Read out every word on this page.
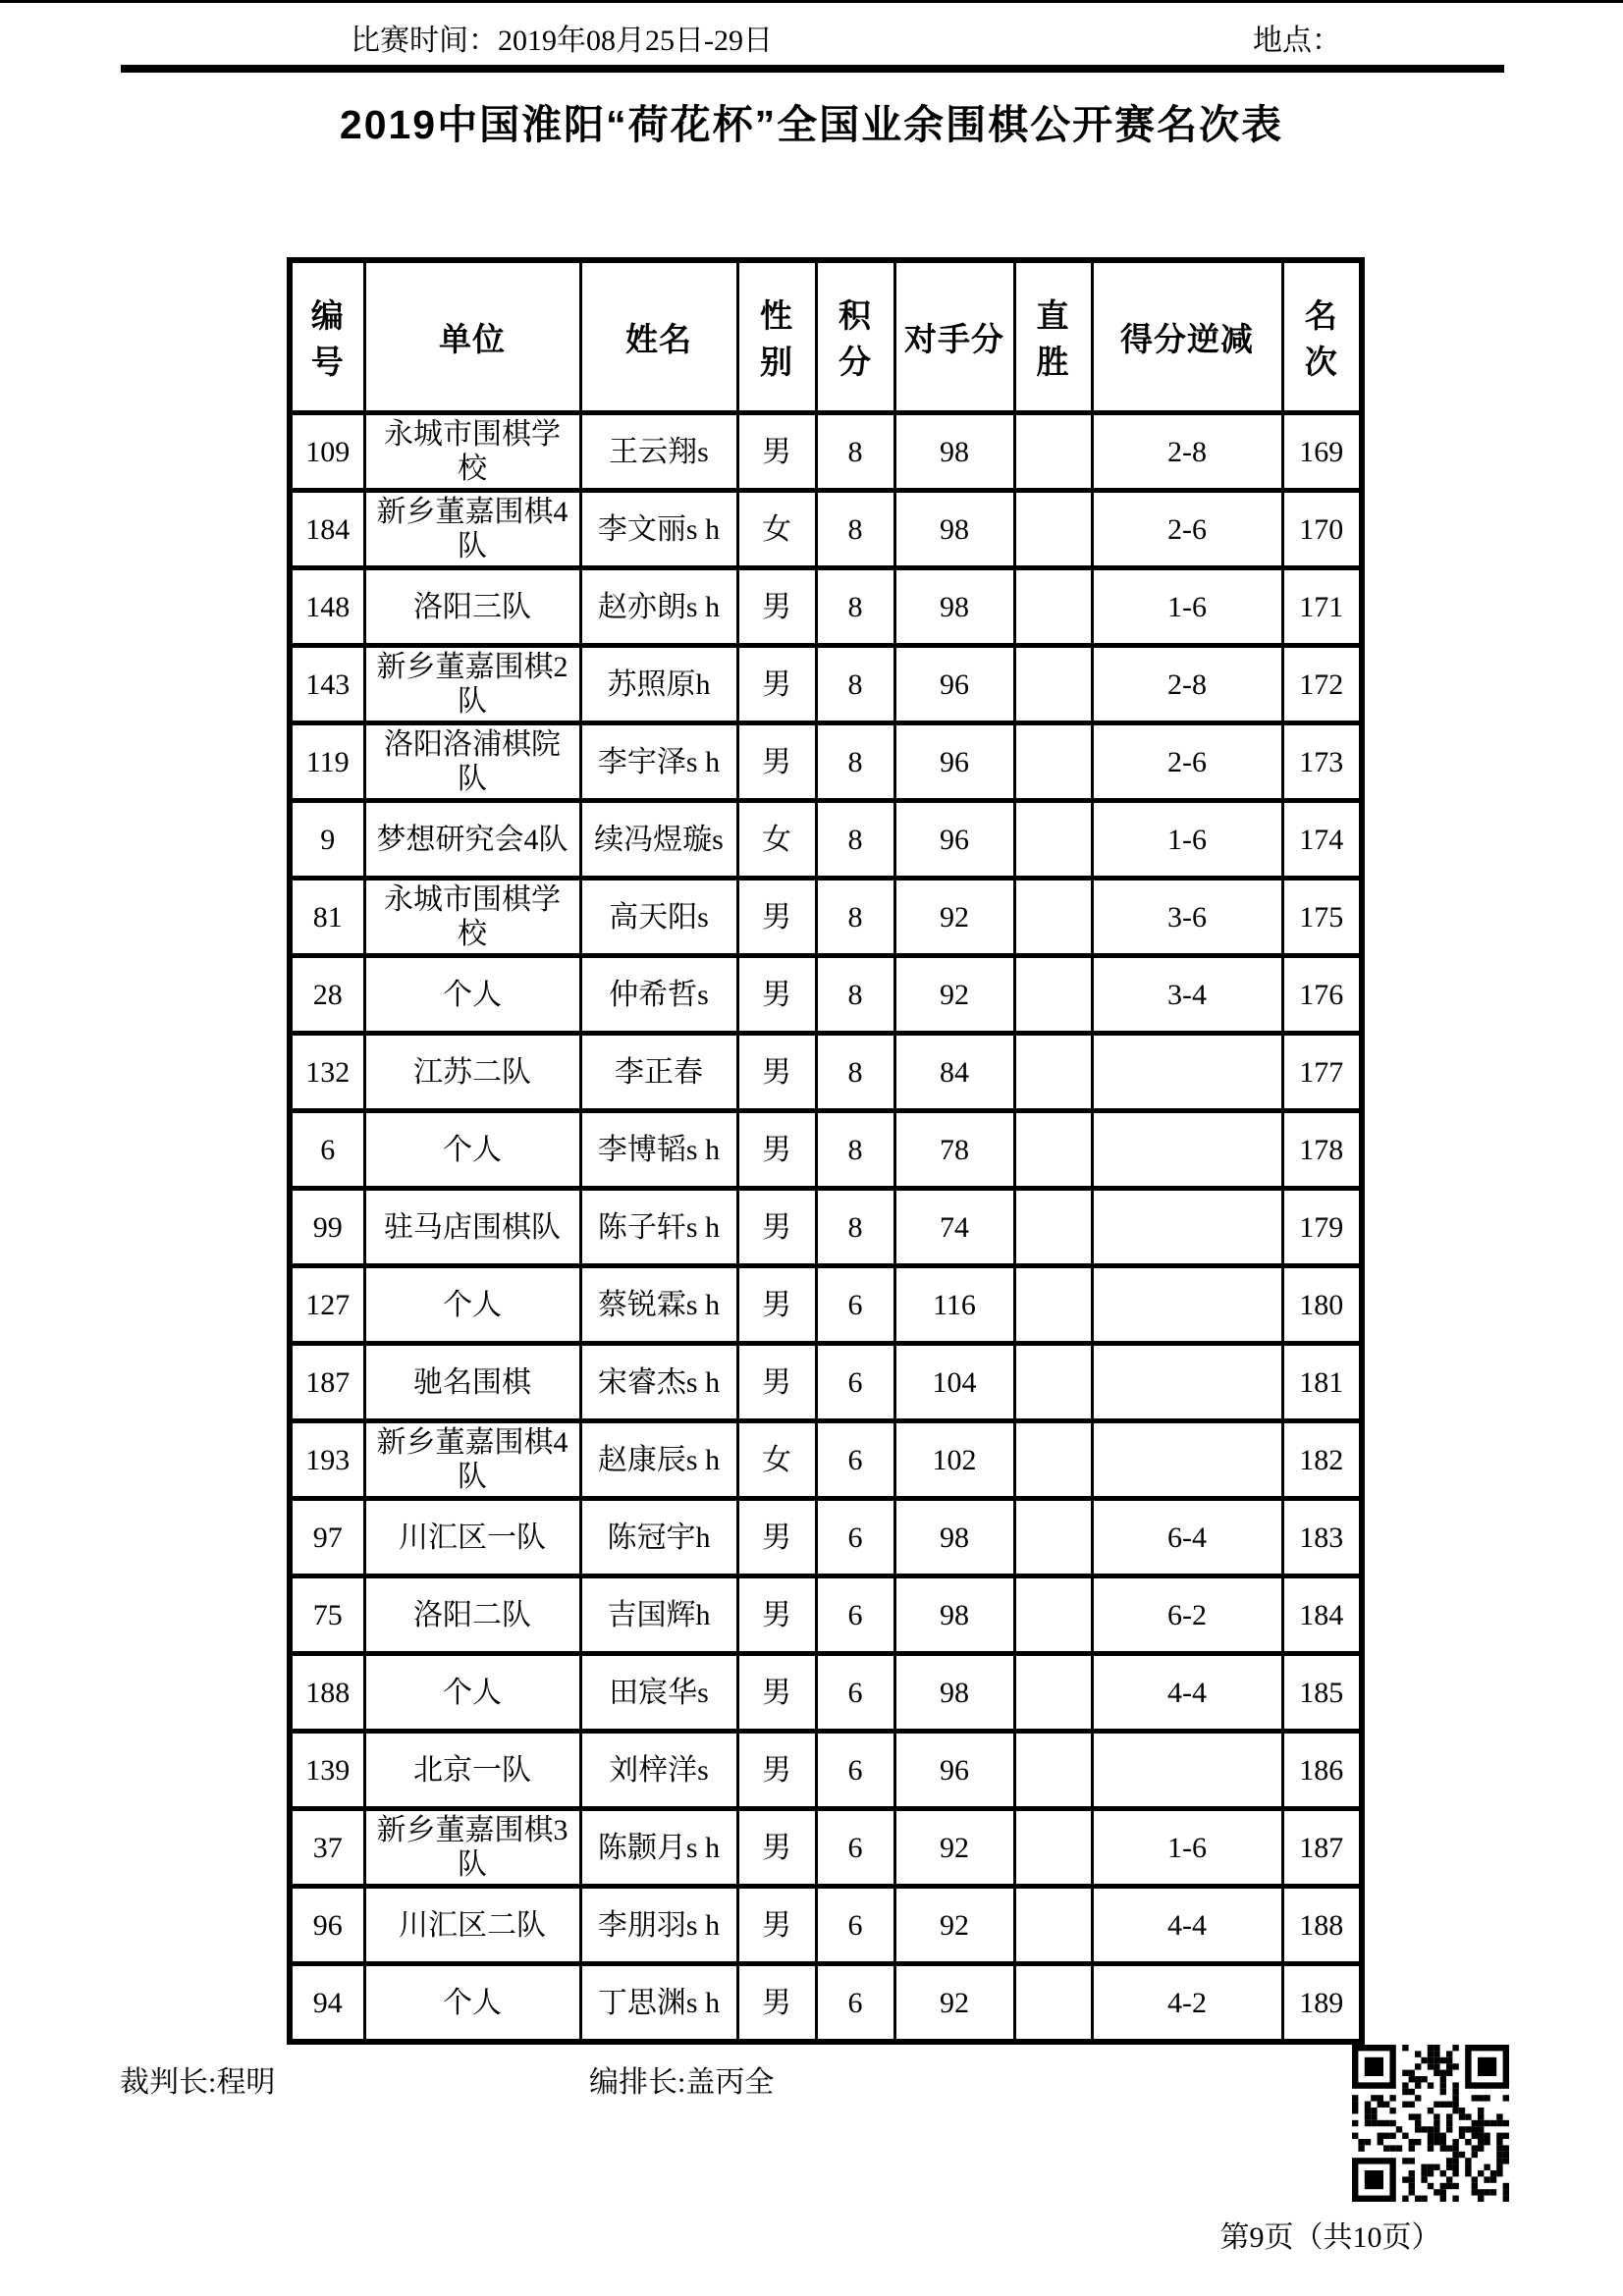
比赛时间：2019年08月25日-29日	地点：
2019中国淮阳“荷花杯”全国业余围棋公开赛名次表
编号	单位	姓名	性别	积分	对手分	直胜	得分逆减	名次
109	永城市围棋学校	王云翔s	男	8	98		2-8	169
184	新乡董嘉围棋4队	李文丽s h	女	8	98		2-6	170
148	洛阳三队	赵亦朗s h	男	8	98		1-6	171
143	新乡董嘉围棋2队	苏照原h	男	8	96		2-8	172
119	洛阳洛浦棋院队	李宇泽s h	男	8	96		2-6	173
9	梦想研究会4队	续冯煜璇s	女	8	96		1-6	174
81	永城市围棋学校	高天阳s	男	8	92		3-6	175
28	个人	仲希哲s	男	8	92		3-4	176
132	江苏二队	李正春	男	8	84			177
6	个人	李博韬s h	男	8	78			178
99	驻马店围棋队	陈子轩s h	男	8	74			179
127	个人	蔡锐霖s h	男	6	116			180
187	驰名围棋	宋睿杰s h	男	6	104			181
193	新乡董嘉围棋4队	赵康辰s h	女	6	102			182
97	川汇区一队	陈冠宇h	男	6	98		6-4	183
75	洛阳二队	吉国辉h	男	6	98		6-2	184
188	个人	田宸华s	男	6	98		4-4	185
139	北京一队	刘梓洋s	男	6	96			186
37	新乡董嘉围棋3队	陈颢月s h	男	6	92		1-6	187
96	川汇区二队	李朋羽s h	男	6	92		4-4	188
94	个人	丁思渊s h	男	6	92		4-2	189
裁判长:程明	编排长:盖丙全
第9页（共10页）
